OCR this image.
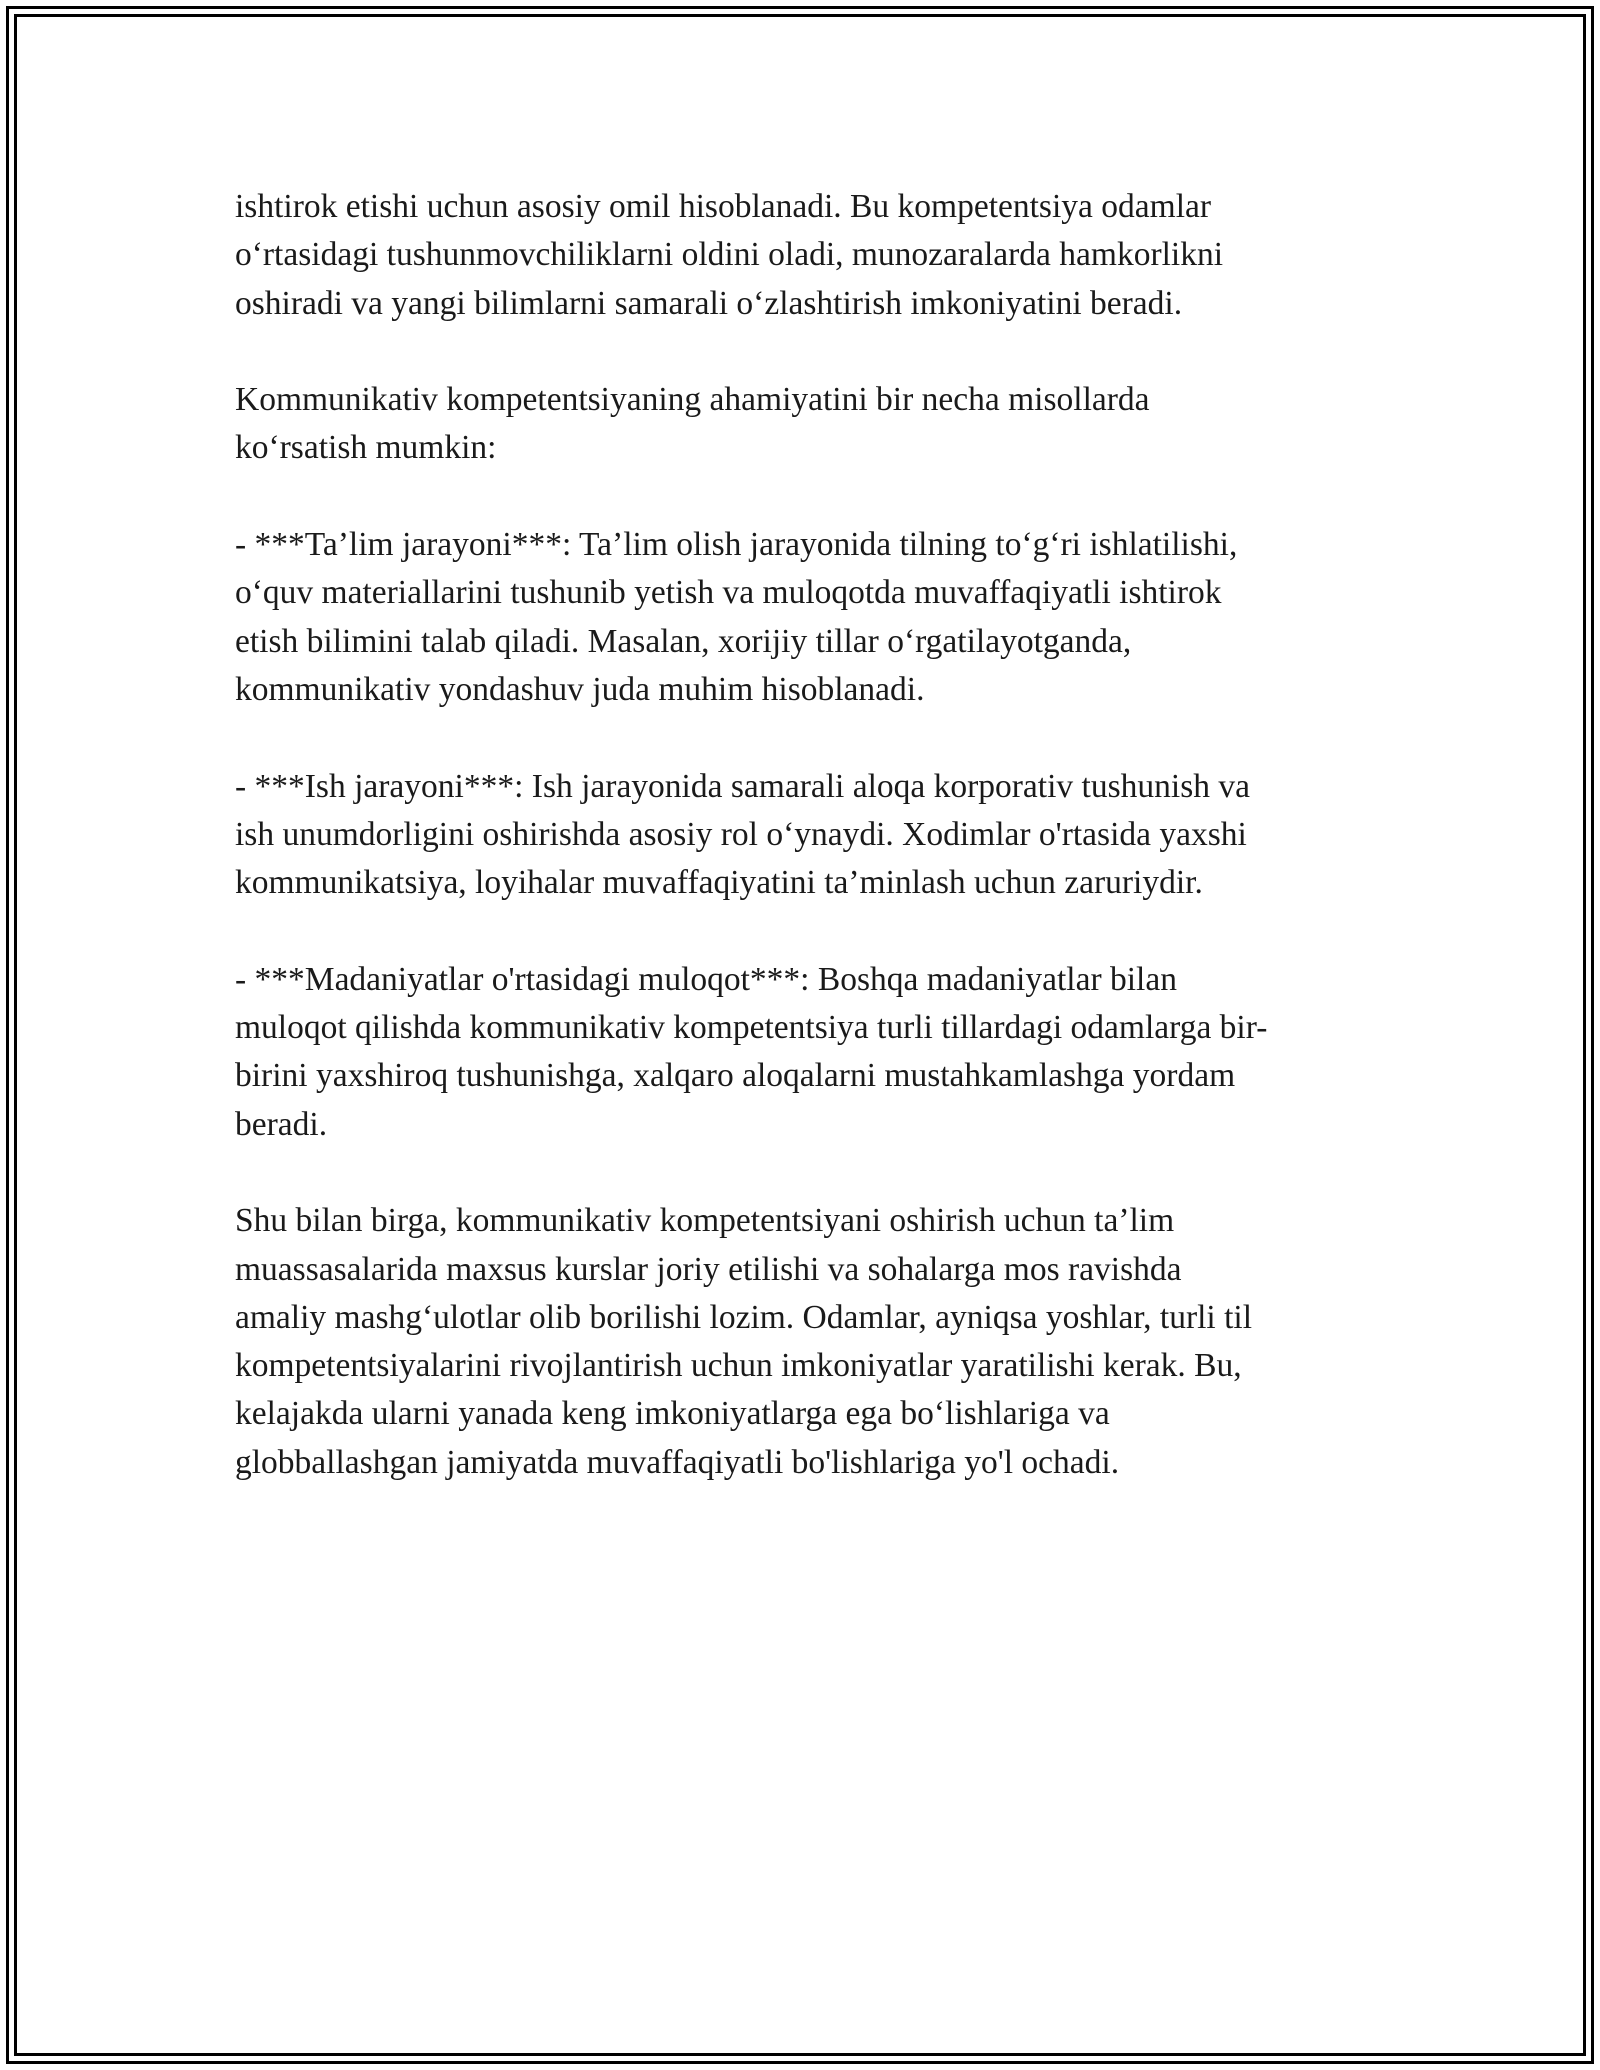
ishtirok etishi uchun asosiy omil hisoblanadi. Bu kompetentsiya odamlar
o‘rtasidagi tushunmovchiliklarni oldini oladi, munozaralarda hamkorlikni
oshiradi va yangi bilimlarni samarali o‘zlashtirish imkoniyatini beradi.

Kommunikativ kompetentsiyaning ahamiyatini bir necha misollarda
ko‘rsatish mumkin:

- ***Ta’lim jarayoni***: Ta’lim olish jarayonida tilning to‘g‘ri ishlatilishi,
o‘quv materiallarini tushunib yetish va muloqotda muvaffaqiyatli ishtirok
etish bilimini talab qiladi. Masalan, xorijiy tillar o‘rgatilayotganda,
kommunikativ yondashuv juda muhim hisoblanadi.

- ***Ish jarayoni***: Ish jarayonida samarali aloqa korporativ tushunish va
ish unumdorligini oshirishda asosiy rol o‘ynaydi. Xodimlar o'rtasida yaxshi
kommunikatsiya, loyihalar muvaffaqiyatini ta’minlash uchun zaruriydir.

- ***Madaniyatlar o'rtasidagi muloqot***: Boshqa madaniyatlar bilan
muloqot qilishda kommunikativ kompetentsiya turli tillardagi odamlarga bir-
birini yaxshiroq tushunishga, xalqaro aloqalarni mustahkamlashga yordam
beradi.

Shu bilan birga, kommunikativ kompetentsiyani oshirish uchun ta’lim
muassasalarida maxsus kurslar joriy etilishi va sohalarga mos ravishda
amaliy mashg‘ulotlar olib borilishi lozim. Odamlar, ayniqsa yoshlar, turli til
kompetentsiyalarini rivojlantirish uchun imkoniyatlar yaratilishi kerak. Bu,
kelajakda ularni yanada keng imkoniyatlarga ega bo‘lishlariga va
globballashgan jamiyatda muvaffaqiyatli bo'lishlariga yo'l ochadi.
